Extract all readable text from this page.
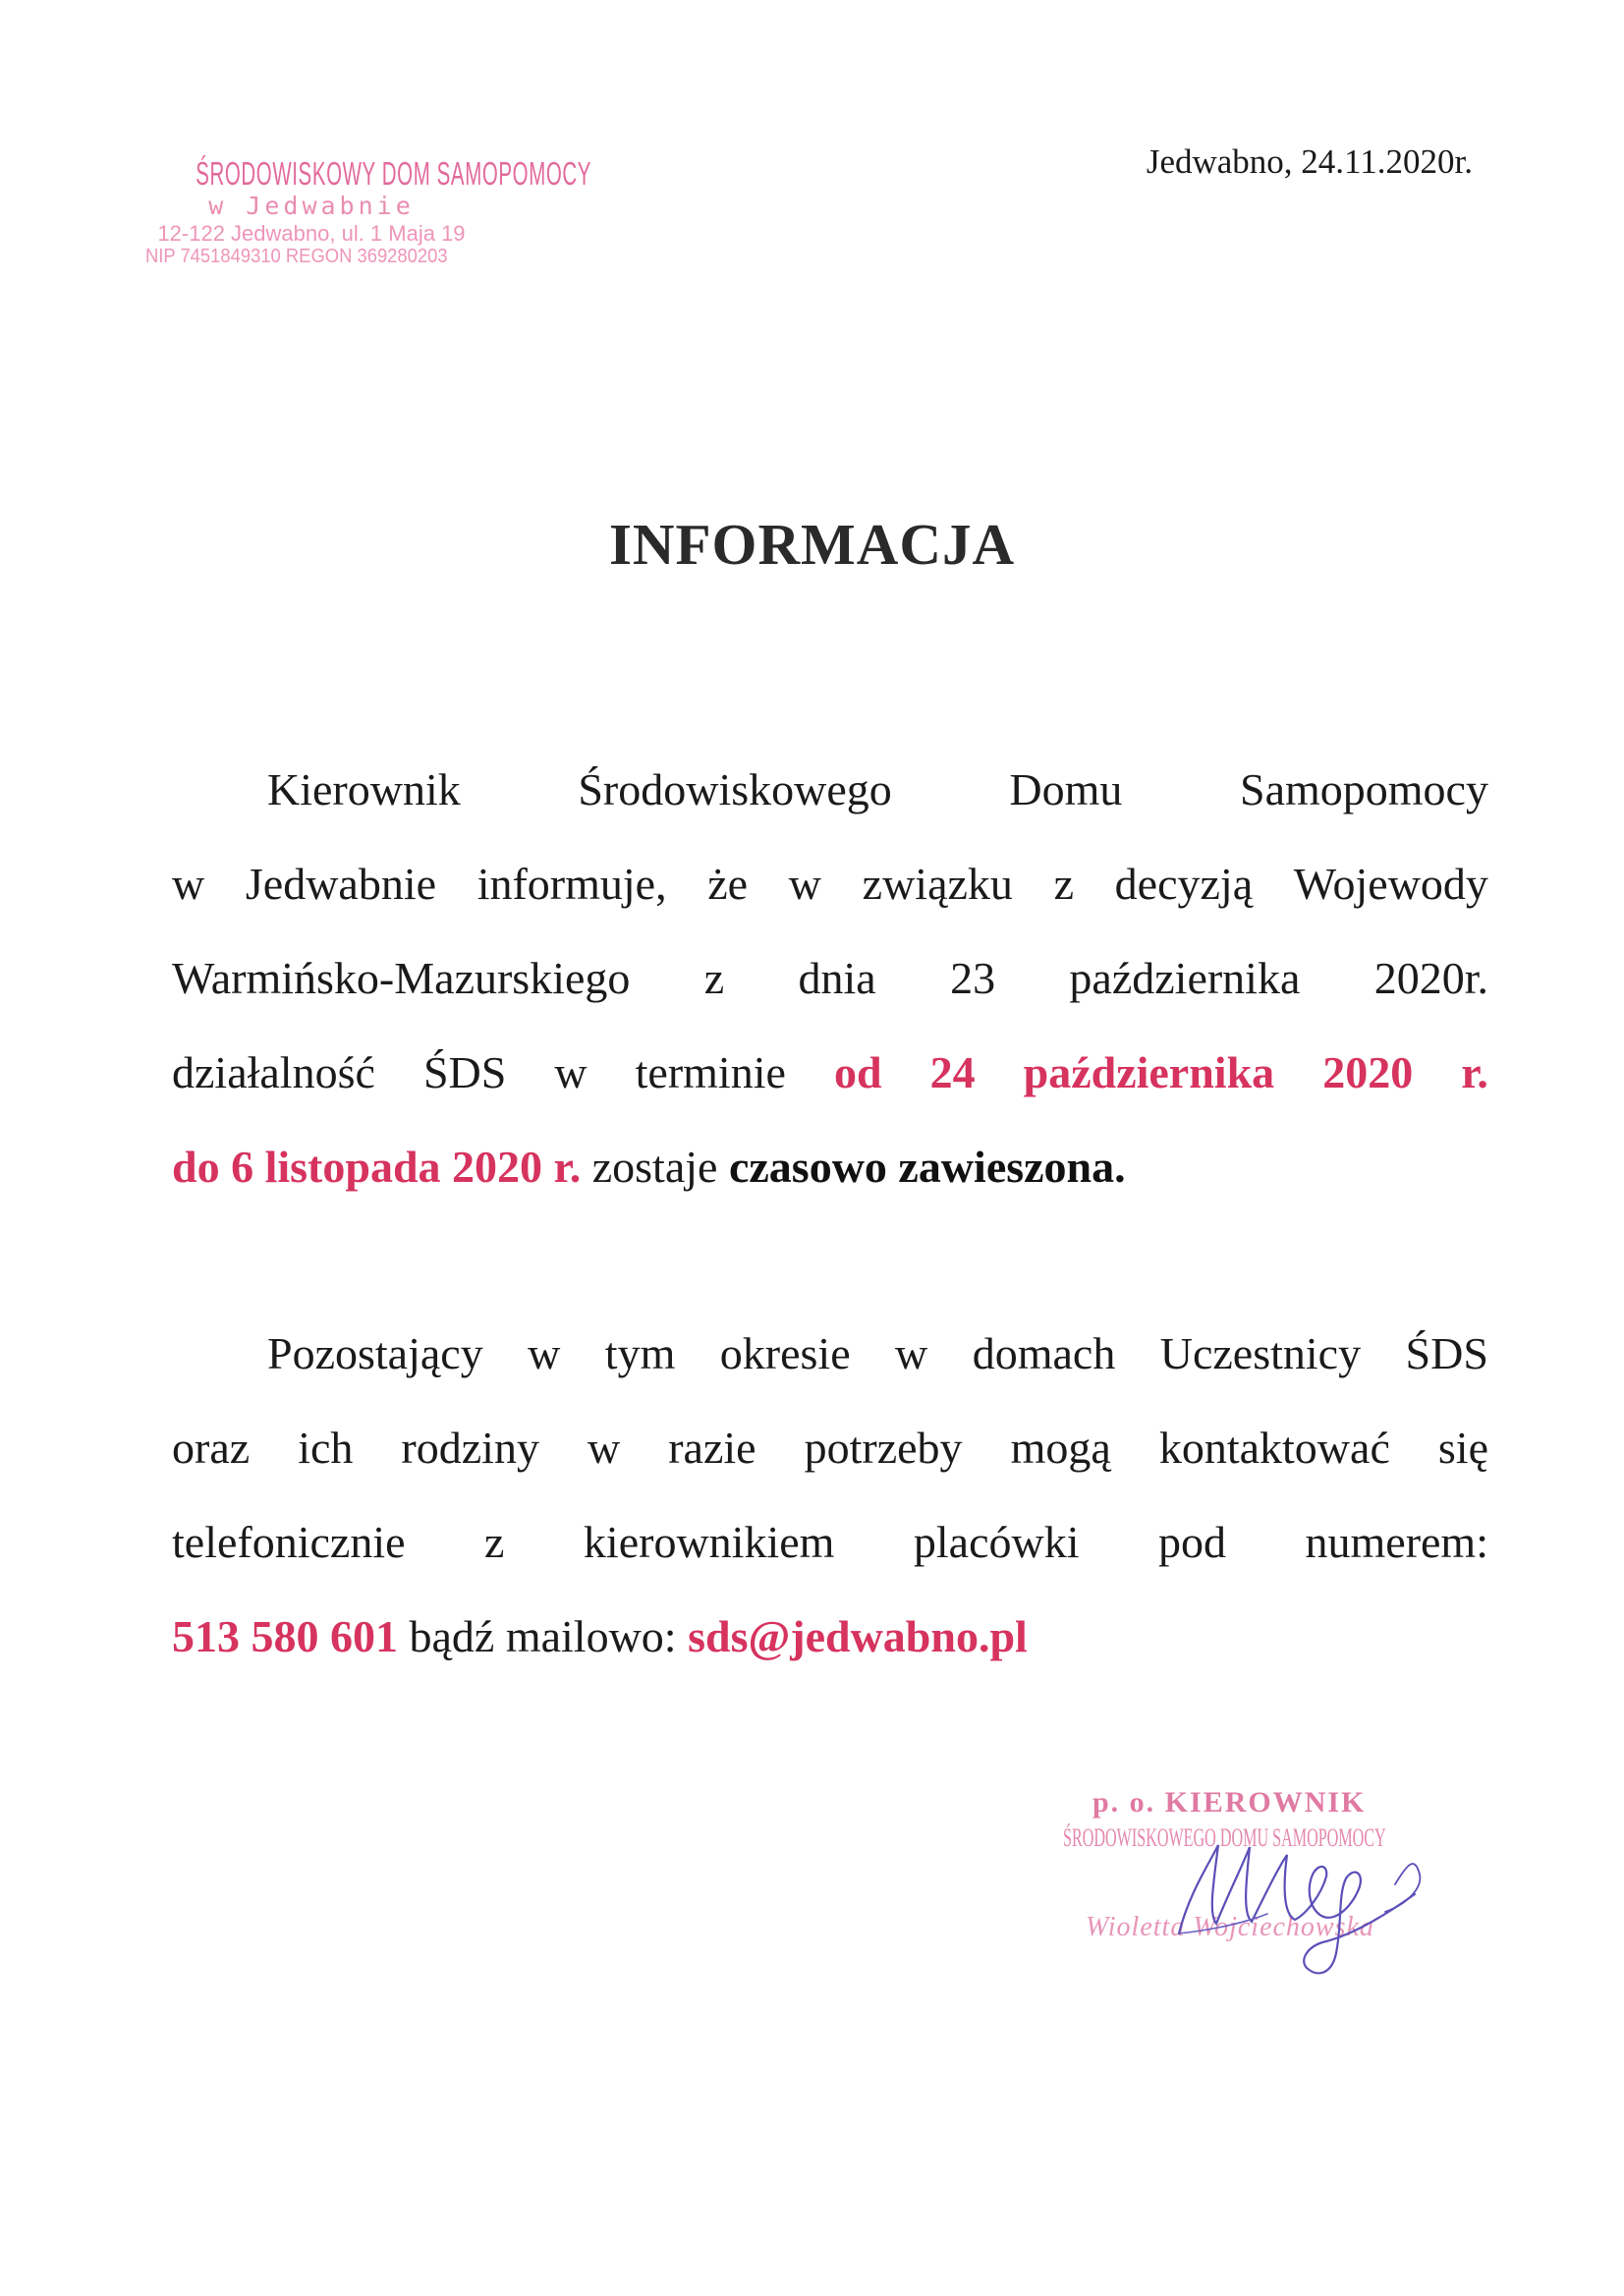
ŚRODOWISKOWY DOM SAMOPOMOCY
w Jedwabnie
12-122 Jedwabno, ul. 1 Maja 19
NIP 7451849310 REGON 369280203
Jedwabno, 24.11.2020r.
INFORMACJA
Kierownik	Środowiskowego	Domu	Samopomocy
w Jedwabnie informuje, że w związku z decyzją Wojewody
Warmińsko-Mazurskiego z dnia 23 października 2020r.
działalność ŚDS w terminie od 24 października 2020 r.
do 6 listopada 2020 r. zostaje czasowo zawieszona.
Pozostający w tym okresie w domach Uczestnicy ŚDS
oraz ich rodziny w razie potrzeby mogą kontaktować się
telefonicznie z kierownikiem placówki pod numerem:
513 580 601 bądź mailowo: sds@jedwabno.pl
p. o. KIEROWNIK
ŚRODOWISKOWEGO DOMU SAMOPOMOCY
Wioletta Wojciechowska
